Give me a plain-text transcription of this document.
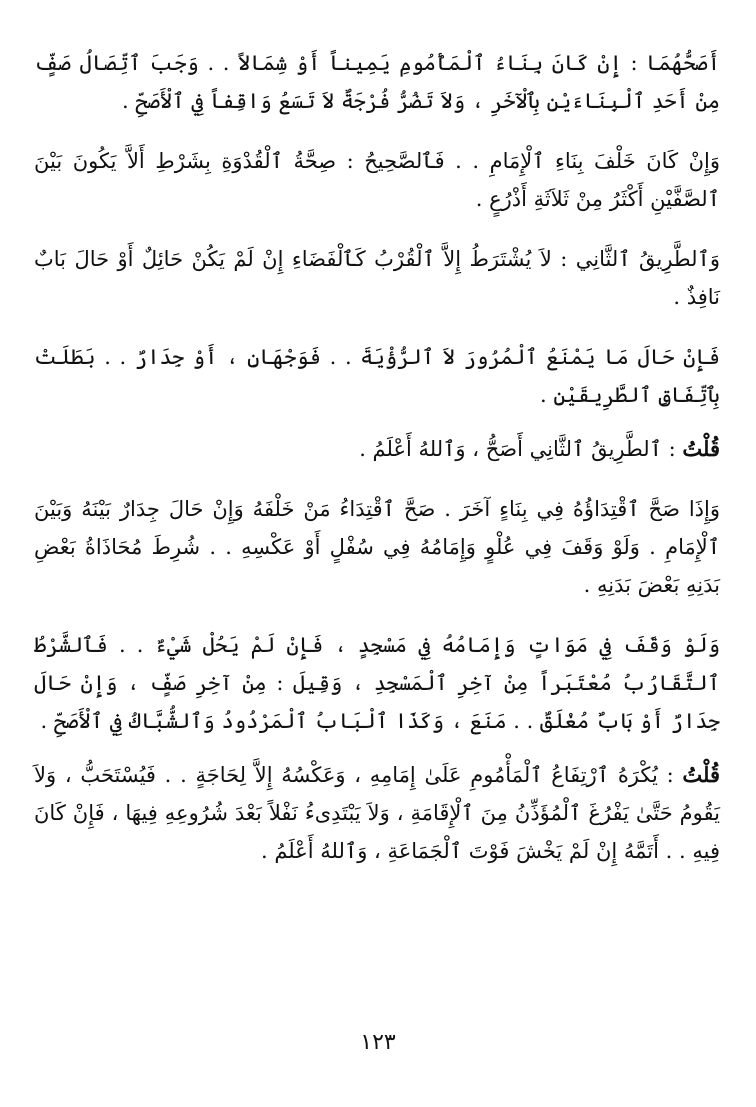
أَصَحُّهُمَا : إِنْ كَانَ بِنَاءُ ٱلْمَأْمُومِ يَمِيناً أَوْ شِمَالاً . . وَجَبَ ٱتِّصَالُ صَفٍّ مِنْ أَحَدِ ٱلْبِنَاءَيْنِ بِٱلْآخَرِ ، وَلاَ تَضُرُّ فُرْجَةٌ لاَ تَسَعُ وَاقِفاً فِي ٱلْأَصَحِّ .

وَإِنْ كَانَ خَلْفَ بِنَاءِ ٱلْإِمَامِ . . فَٱلصَّحِيحُ : صِحَّةُ ٱلْقُدْوَةِ بِشَرْطِ أَلاَّ يَكُونَ بَيْنَ ٱلصَّفَّيْنِ أَكْثَرُ مِنْ ثَلاَثَةِ أَذْرُعٍ .

وَٱلطَّرِيقُ ٱلثَّانِي : لاَ يُشْتَرَطُ إِلاَّ ٱلْقُرْبُ كَٱلْفَضَاءِ إِنْ لَمْ يَكُنْ حَائِلٌ أَوْ حَالَ بَابٌ نَافِذٌ .

فَإِنْ حَالَ مَا يَمْنَعُ ٱلْمُرُورَ لاَ ٱلرُّؤْيَةَ . . فَوَجْهَانِ ، أَوْ جِدَارٌ . . بَطَلَتْ بِٱتِّفَاقِ ٱلطَّرِيقَيْنِ .

قُلْتُ : ٱلطَّرِيقُ ٱلثَّانِي أَصَحُّ ، وَٱللهُ أَعْلَمُ .

وَإِذَا صَحَّ ٱقْتِدَاؤُهُ فِي بِنَاءٍ آخَرَ . صَحَّ ٱقْتِدَاءُ مَنْ خَلْفَهُ وَإِنْ حَالَ جِدَارٌ بَيْنَهُ وَبَيْنَ ٱلْإِمَامِ . وَلَوْ وَقَفَ فِي عُلْوٍ وَإِمَامُهُ فِي سُفْلٍ أَوْ عَكْسِهِ . . شُرِطَ مُحَاذَاةُ بَعْضِ بَدَنِهِ بَعْضَ بَدَنِهِ .

وَلَوْ وَقَفَ فِي مَوَاتٍ وَإِمَامُهُ فِي مَسْجِدٍ ، فَإِنْ لَمْ يَحُلْ شَيْءٌ . . فَٱلشَّرْطُ ٱلتَّقَارُبُ مُعْتَبَراً مِنْ آخِرِ ٱلْمَسْجِدِ ، وَقِيلَ : مِنْ آخِرِ صَفٍّ ، وَإِنْ حَالَ جِدَارٌ أَوْ بَابٌ مُغْلَقٌ . . مَنَعَ ، وَكَذَا ٱلْبَابُ ٱلْمَرْدُودُ وَٱلشُّبَّاكُ فِي ٱلْأَصَحِّ .

قُلْتُ : يُكْرَهُ ٱرْتِفَاعُ ٱلْمَأْمُومِ عَلَىٰ إِمَامِهِ ، وَعَكْسُهُ إِلاَّ لِحَاجَةٍ . . فَيُسْتَحَبُّ ، وَلاَ يَقُومُ حَتَّىٰ يَفْرُغَ ٱلْمُؤَذِّنُ مِنَ ٱلْإِقَامَةِ ، وَلاَ يَبْتَدِىءُ نَفْلاً بَعْدَ شُرُوعِهِ فِيهَا ، فَإِنْ كَانَ فِيهِ . . أَتَمَّهُ إِنْ لَمْ يَخْشَ فَوْتَ ٱلْجَمَاعَةِ ، وَٱللهُ أَعْلَمُ .

١٢٣
